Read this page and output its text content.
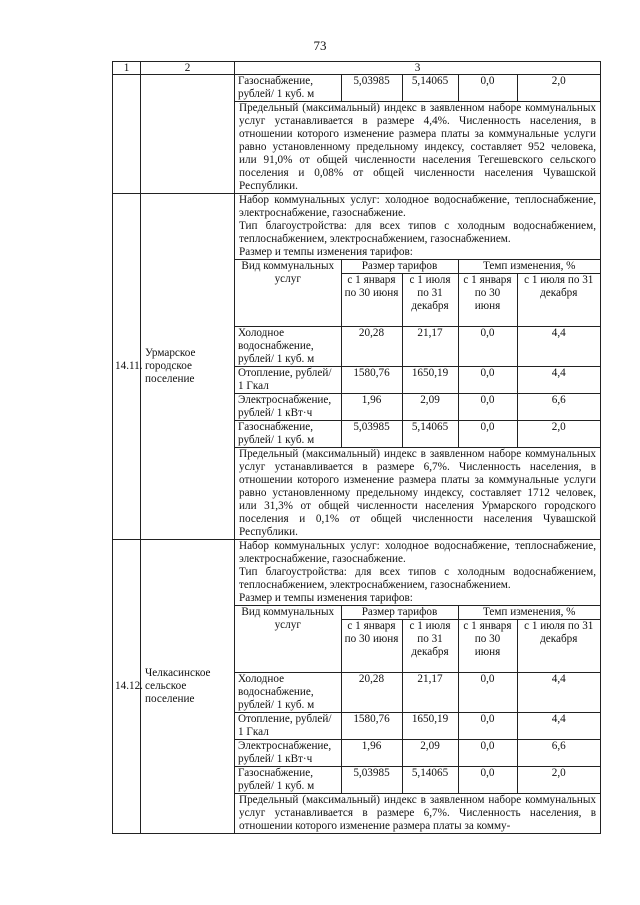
73
1	2	3

Газоснабжение, рублей/ 1 куб. м	5,03985	5,14065	0,0	2,0
Предельный (максимальный) индекс в заявленном наборе коммунальных услуг устанавливается в размере 4,4%. Численность населения, в отношении которого изменение размера платы за коммунальные услуги равно установленному предельному индексу, составляет 952 человека, или 91,0% от общей численности населения Тегешевского сельского поселения и 0,08% от общей численности населения Чувашской Республики.

14.11.	Урмарское городское поселение	
Набор коммунальных услуг: холодное водоснабжение, теплоснабжение, электроснабжение, газоснабжение.
Тип благоустройства: для всех типов с холодным водоснабжением, теплоснабжением, электроснабжением, газоснабжением.
Размер и темпы изменения тарифов:
Вид коммунальных услуг	Размер тарифов	Темп изменения, %
с 1 января по 30 июня	с 1 июля по 31 декабря	с 1 января по 30 июня	с 1 июля по 31 декабря
Холодное водоснабжение, рублей/ 1 куб. м	20,28	21,17	0,0	4,4
Отопление, рублей/ 1 Гкал	1580,76	1650,19	0,0	4,4
Электроснабжение, рублей/ 1 кВт·ч	1,96	2,09	0,0	6,6
Газоснабжение, рублей/ 1 куб. м	5,03985	5,14065	0,0	2,0
Предельный (максимальный) индекс в заявленном наборе коммунальных услуг устанавливается в размере 6,7%. Численность населения, в отношении которого изменение размера платы за коммунальные услуги равно установленному предельному индексу, составляет 1712 человек, или 31,3% от общей численности населения Урмарского городского поселения и 0,1% от общей численности населения Чувашской Республики.

14.12.	Челкасинское сельское поселение	
Набор коммунальных услуг: холодное водоснабжение, теплоснабжение, электроснабжение, газоснабжение.
Тип благоустройства: для всех типов с холодным водоснабжением, теплоснабжением, электроснабжением, газоснабжением.
Размер и темпы изменения тарифов:
Вид коммунальных услуг	Размер тарифов	Темп изменения, %
с 1 января по 30 июня	с 1 июля по 31 декабря	с 1 января по 30 июня	с 1 июля по 31 декабря
Холодное водоснабжение, рублей/ 1 куб. м	20,28	21,17	0,0	4,4
Отопление, рублей/ 1 Гкал	1580,76	1650,19	0,0	4,4
Электроснабжение, рублей/ 1 кВт·ч	1,96	2,09	0,0	6,6
Газоснабжение, рублей/ 1 куб. м	5,03985	5,14065	0,0	2,0
Предельный (максимальный) индекс в заявленном наборе коммунальных услуг устанавливается в размере 6,7%. Численность населения, в отношении которого изменение размера платы за комму-
